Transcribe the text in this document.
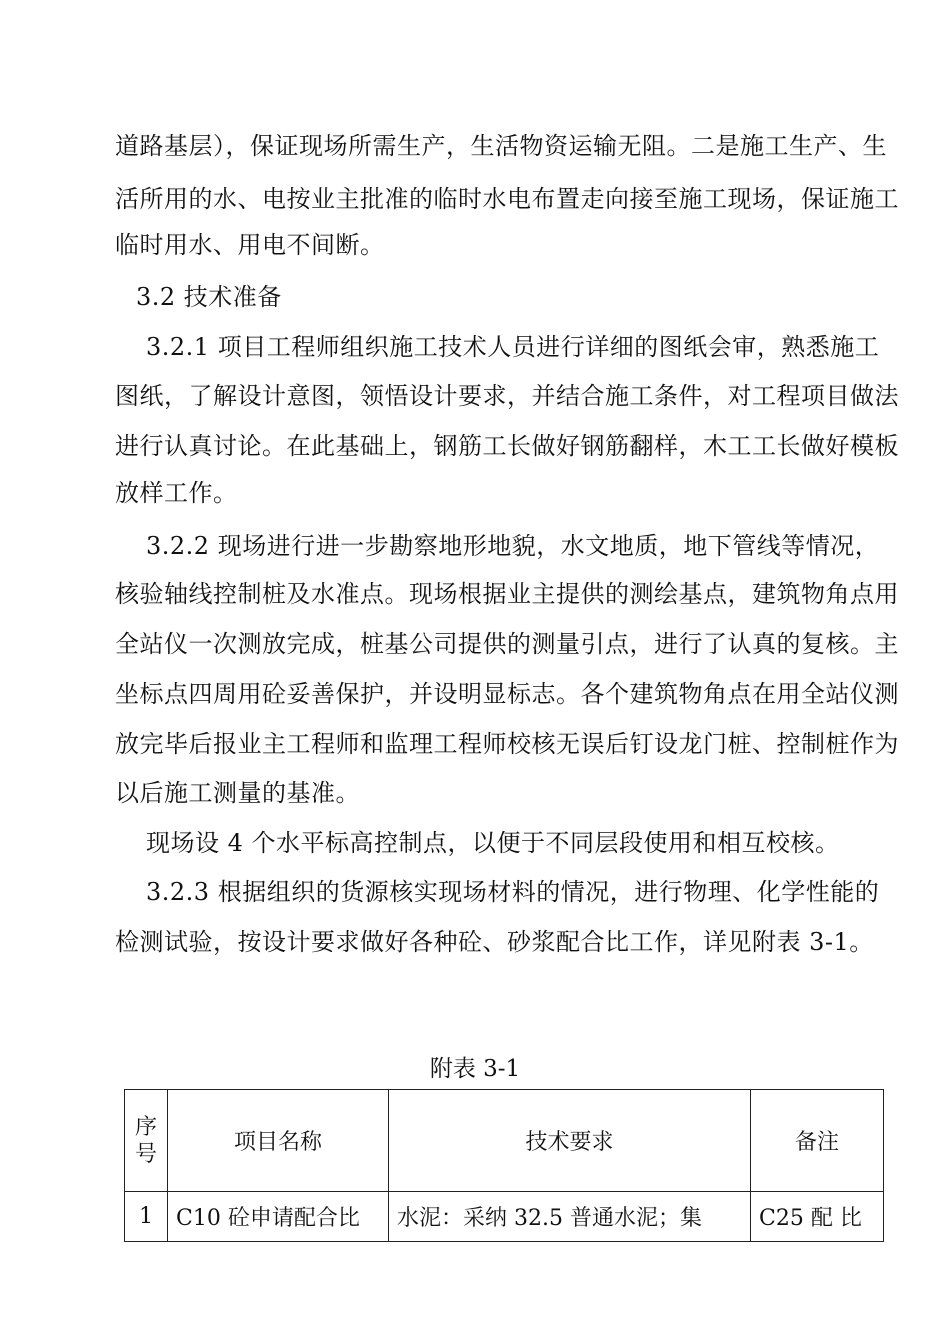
道路基层），保证现场所需生产，生活物资运输无阻。二是施工生产、生
活所用的水、电按业主批准的临时水电布置走向接至施工现场，保证施工
临时用水、用电不间断。
3.2 技术准备
3.2.1 项目工程师组织施工技术人员进行详细的图纸会审，熟悉施工
图纸，了解设计意图，领悟设计要求，并结合施工条件，对工程项目做法
进行认真讨论。在此基础上，钢筋工长做好钢筋翻样，木工工长做好模板
放样工作。
3.2.2 现场进行进一步勘察地形地貌，水文地质，地下管线等情况，
核验轴线控制桩及水准点。现场根据业主提供的测绘基点，建筑物角点用
全站仪一次测放完成，桩基公司提供的测量引点，进行了认真的复核。主
坐标点四周用砼妥善保护，并设明显标志。各个建筑物角点在用全站仪测
放完毕后报业主工程师和监理工程师校核无误后钉设龙门桩、控制桩作为
以后施工测量的基准。
现场设 4 个水平标高控制点，以便于不同层段使用和相互校核。
3.2.3 根据组织的货源核实现场材料的情况，进行物理、化学性能的
检测试验，按设计要求做好各种砼、砂浆配合比工作，详见附表 3-1。
附表 3-1
序号	项目名称	技术要求	备注
1	C10 砼申请配合比	水泥：采纳 32.5 普通水泥；集	C25 配 比
